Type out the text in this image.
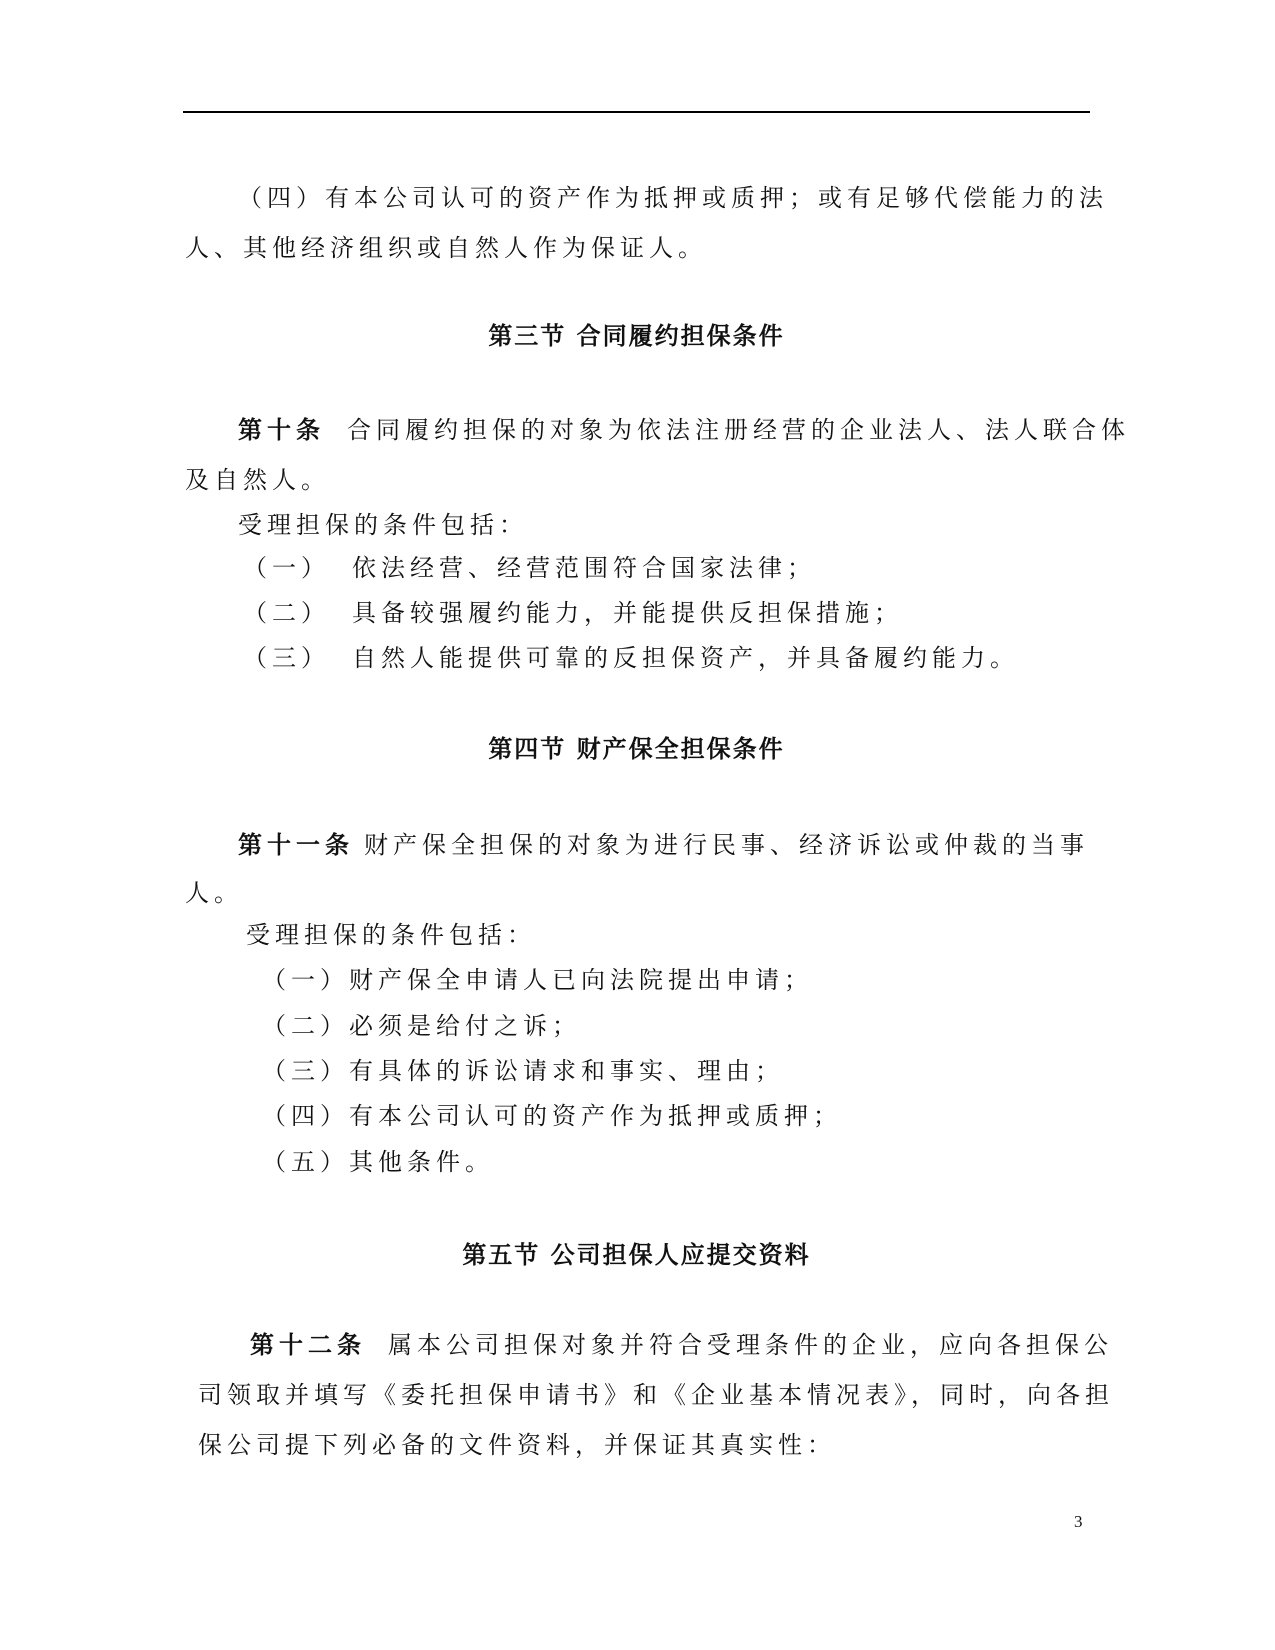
（四）有本公司认可的资产作为抵押或质押；或有足够代偿能力的法
人、其他经济组织或自然人作为保证人。
第三节 合同履约担保条件
第十条 合同履约担保的对象为依法注册经营的企业法人、法人联合体
及自然人。
受理担保的条件包括：
（一） 依法经营、经营范围符合国家法律；
（二） 具备较强履约能力，并能提供反担保措施；
（三） 自然人能提供可靠的反担保资产，并具备履约能力。
第四节 财产保全担保条件
第十一条 财产保全担保的对象为进行民事、经济诉讼或仲裁的当事
人。
受理担保的条件包括：
（一）财产保全申请人已向法院提出申请；
（二）必须是给付之诉；
（三）有具体的诉讼请求和事实、理由；
（四）有本公司认可的资产作为抵押或质押；
（五）其他条件。
第五节 公司担保人应提交资料
第十二条 属本公司担保对象并符合受理条件的企业，应向各担保公
司领取并填写《委托担保申请书》和《企业基本情况表》，同时，向各担
保公司提下列必备的文件资料，并保证其真实性：
3
